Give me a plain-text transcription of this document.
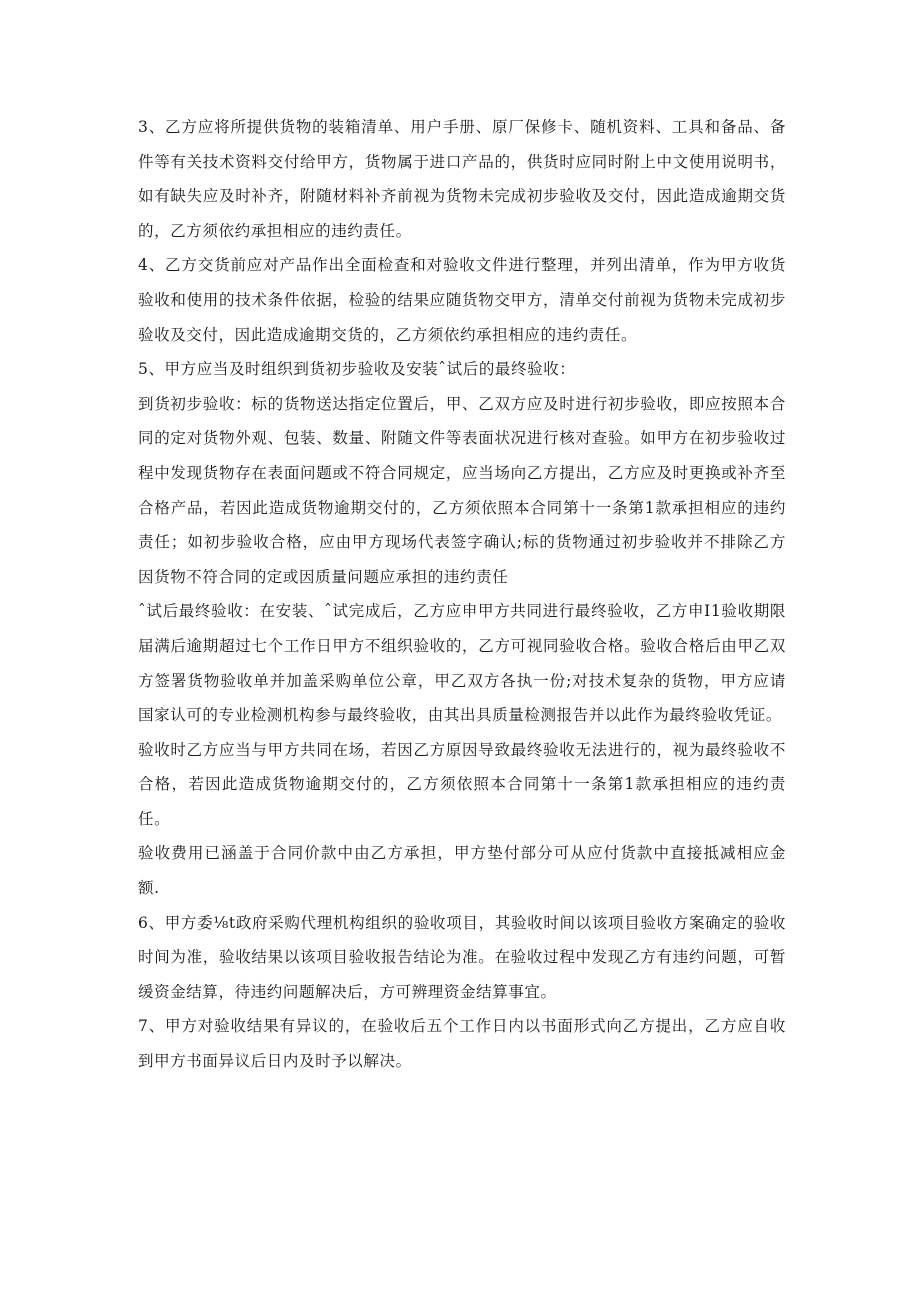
3、乙方应将所提供货物的装箱清单、用户手册、原厂保修卡、随机资料、工具和备品、备件等有关技术资料交付给甲方，货物属于进口产品的，供货时应同时附上中文使用说明书，如有缺失应及时补齐，附随材料补齐前视为货物未完成初步验收及交付，因此造成逾期交货的，乙方须依约承担相应的违约责任。

4、乙方交货前应对产品作出全面检查和对验收文件进行整理，并列出清单，作为甲方收货验收和使用的技术条件依据，检验的结果应随货物交甲方，清单交付前视为货物未完成初步验收及交付，因此造成逾期交货的，乙方须依约承担相应的违约责任。

5、甲方应当及时组织到货初步验收及安装ˆ试后的最终验收：

到货初步验收：标的货物送达指定位置后，甲、乙双方应及时进行初步验收，即应按照本合同的定对货物外观、包装、数量、附随文件等表面状况进行核对查验。如甲方在初步验收过程中发现货物存在表面问题或不符合同规定，应当场向乙方提出，乙方应及时更换或补齐至合格产品，若因此造成货物逾期交付的，乙方须依照本合同第十一条第1款承担相应的违约责任；如初步验收合格，应由甲方现场代表签字确认;标的货物通过初步验收并不排除乙方因货物不符合同的定或因质量问题应承担的违约责任

ˆ试后最终验收：在安装、ˆ试完成后，乙方应申甲方共同进行最终验收，乙方申I1验收期限届满后逾期超过七个工作日甲方不组织验收的，乙方可视同验收合格。验收合格后由甲乙双方签署货物验收单并加盖采购单位公章，甲乙双方各执一份;对技术复杂的货物，甲方应请国家认可的专业检测机构参与最终验收，由其出具质量检测报告并以此作为最终验收凭证。

验收时乙方应当与甲方共同在场，若因乙方原因导致最终验收无法进行的，视为最终验收不合格，若因此造成货物逾期交付的，乙方须依照本合同第十一条第1款承担相应的违约责任。

验收费用已涵盖于合同价款中由乙方承担，甲方垫付部分可从应付货款中直接抵减相应金额.

6、甲方委⅛t政府采购代理机构组织的验收项目，其验收时间以该项目验收方案确定的验收时间为准，验收结果以该项目验收报告结论为准。在验收过程中发现乙方有违约问题，可暂缓资金结算，待违约问题解决后，方可辨理资金结算事宜。

7、甲方对验收结果有异议的，在验收后五个工作日内以书面形式向乙方提出，乙方应自收到甲方书面异议后日内及时予以解决。
